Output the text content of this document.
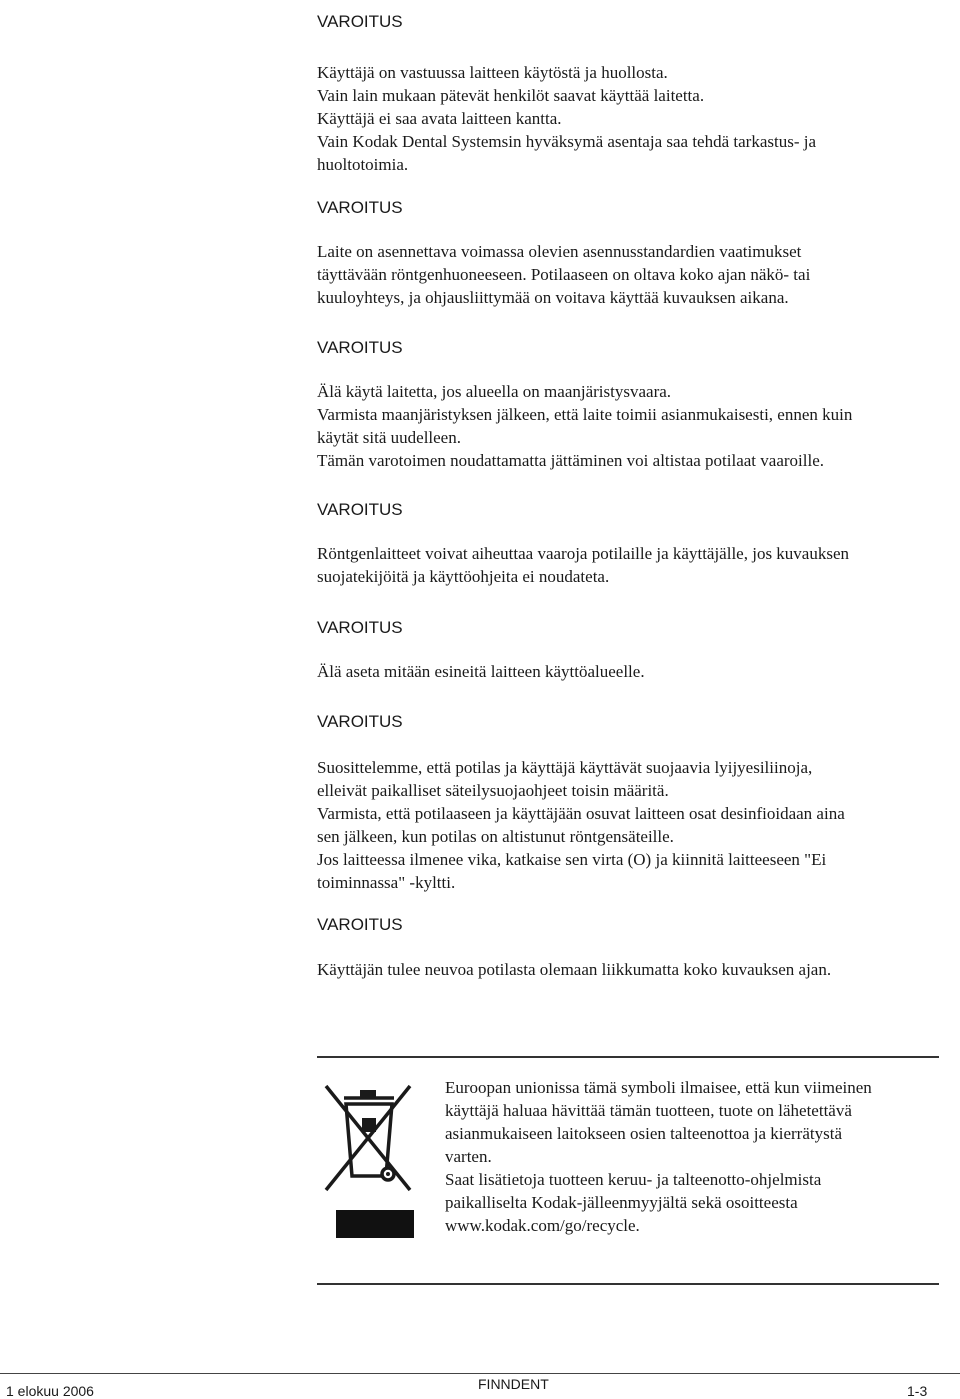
VAROITUS
Käyttäjä on vastuussa laitteen käytöstä ja huollosta.
Vain lain mukaan pätevät henkilöt saavat käyttää laitetta.
Käyttäjä ei saa avata laitteen kantta.
Vain Kodak Dental Systemsin hyväksymä asentaja saa tehdä tarkastus- ja
huoltotoimia.
VAROITUS
Laite on asennettava voimassa olevien asennusstandardien vaatimukset
täyttävään röntgenhuoneeseen. Potilaaseen on oltava koko ajan näkö- tai
kuuloyhteys, ja ohjausliittymää on voitava käyttää kuvauksen aikana.
VAROITUS
Älä käytä laitetta, jos alueella on maanjäristysvaara.
Varmista maanjäristyksen jälkeen, että laite toimii asianmukaisesti, ennen kuin
käytät sitä uudelleen.
Tämän varotoimen noudattamatta jättäminen voi altistaa potilaat vaaroille.
VAROITUS
Röntgenlaitteet voivat aiheuttaa vaaroja potilaille ja käyttäjälle, jos kuvauksen
suojatekijöitä ja käyttöohjeita ei noudateta.
VAROITUS
Älä aseta mitään esineitä laitteen käyttöalueelle.
VAROITUS
Suosittelemme, että potilas ja käyttäjä käyttävät suojaavia lyijyesiliinoja,
elleivät paikalliset säteilysuojaohjeet toisin määritä.
Varmista, että potilaaseen ja käyttäjään osuvat laitteen osat desinfioidaan aina
sen jälkeen, kun potilas on altistunut röntgensäteille.
Jos laitteessa ilmenee vika, katkaise sen virta (O) ja kiinnitä laitteeseen "Ei
toiminnassa" -kyltti.
VAROITUS
Käyttäjän tulee neuvoa potilasta olemaan liikkumatta koko kuvauksen ajan.
Euroopan unionissa tämä symboli ilmaisee, että kun viimeinen
käyttäjä haluaa hävittää tämän tuotteen, tuote on lähetettävä
asianmukaiseen laitokseen osien talteenottoa ja kierrätystä
varten.
Saat lisätietoja tuotteen keruu- ja talteenotto-ohjelmista
paikalliselta Kodak-jälleenmyyjältä sekä osoitteesta
www.kodak.com/go/recycle.
1 elokuu 2006	FINNDENT	1-3
